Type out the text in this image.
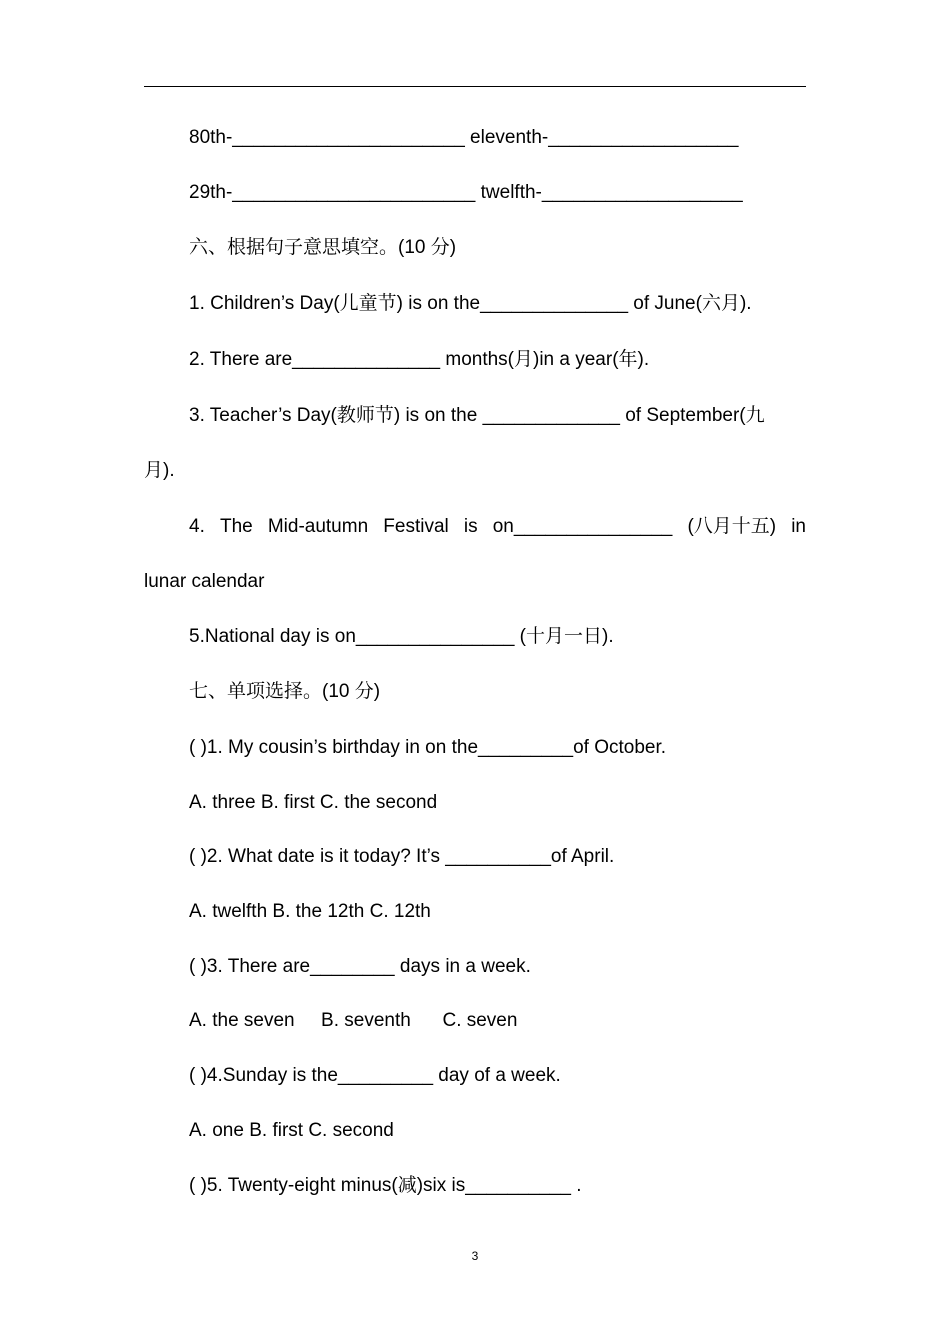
80th-______________________ eleventh-__________________
29th-_______________________ twelfth-___________________
六、根据句子意思填空。(10 分)
1. Children’s Day(儿童节) is on the______________ of June(六月).
2. There are______________ months(月)in a year(年).
3. Teacher’s Day(教师节) is on the _____________ of September(九
月).
4. The Mid-autumn Festival is on_______________ (八月十五) in
lunar calendar
5.National day is on_______________ (十月一日).
七、单项选择。(10 分)
( )1. My cousin’s birthday in on the_________of October.
A. three B. first C. the second
( )2. What date is it today? It’s __________of April.
A. twelfth B. the 12th C. 12th
( )3. There are________ days in a week.
A. the seven     B. seventh      C. seven
( )4.Sunday is the_________ day of a week.
A. one B. first C. second
( )5. Twenty-eight minus(减)six is__________ .
3
